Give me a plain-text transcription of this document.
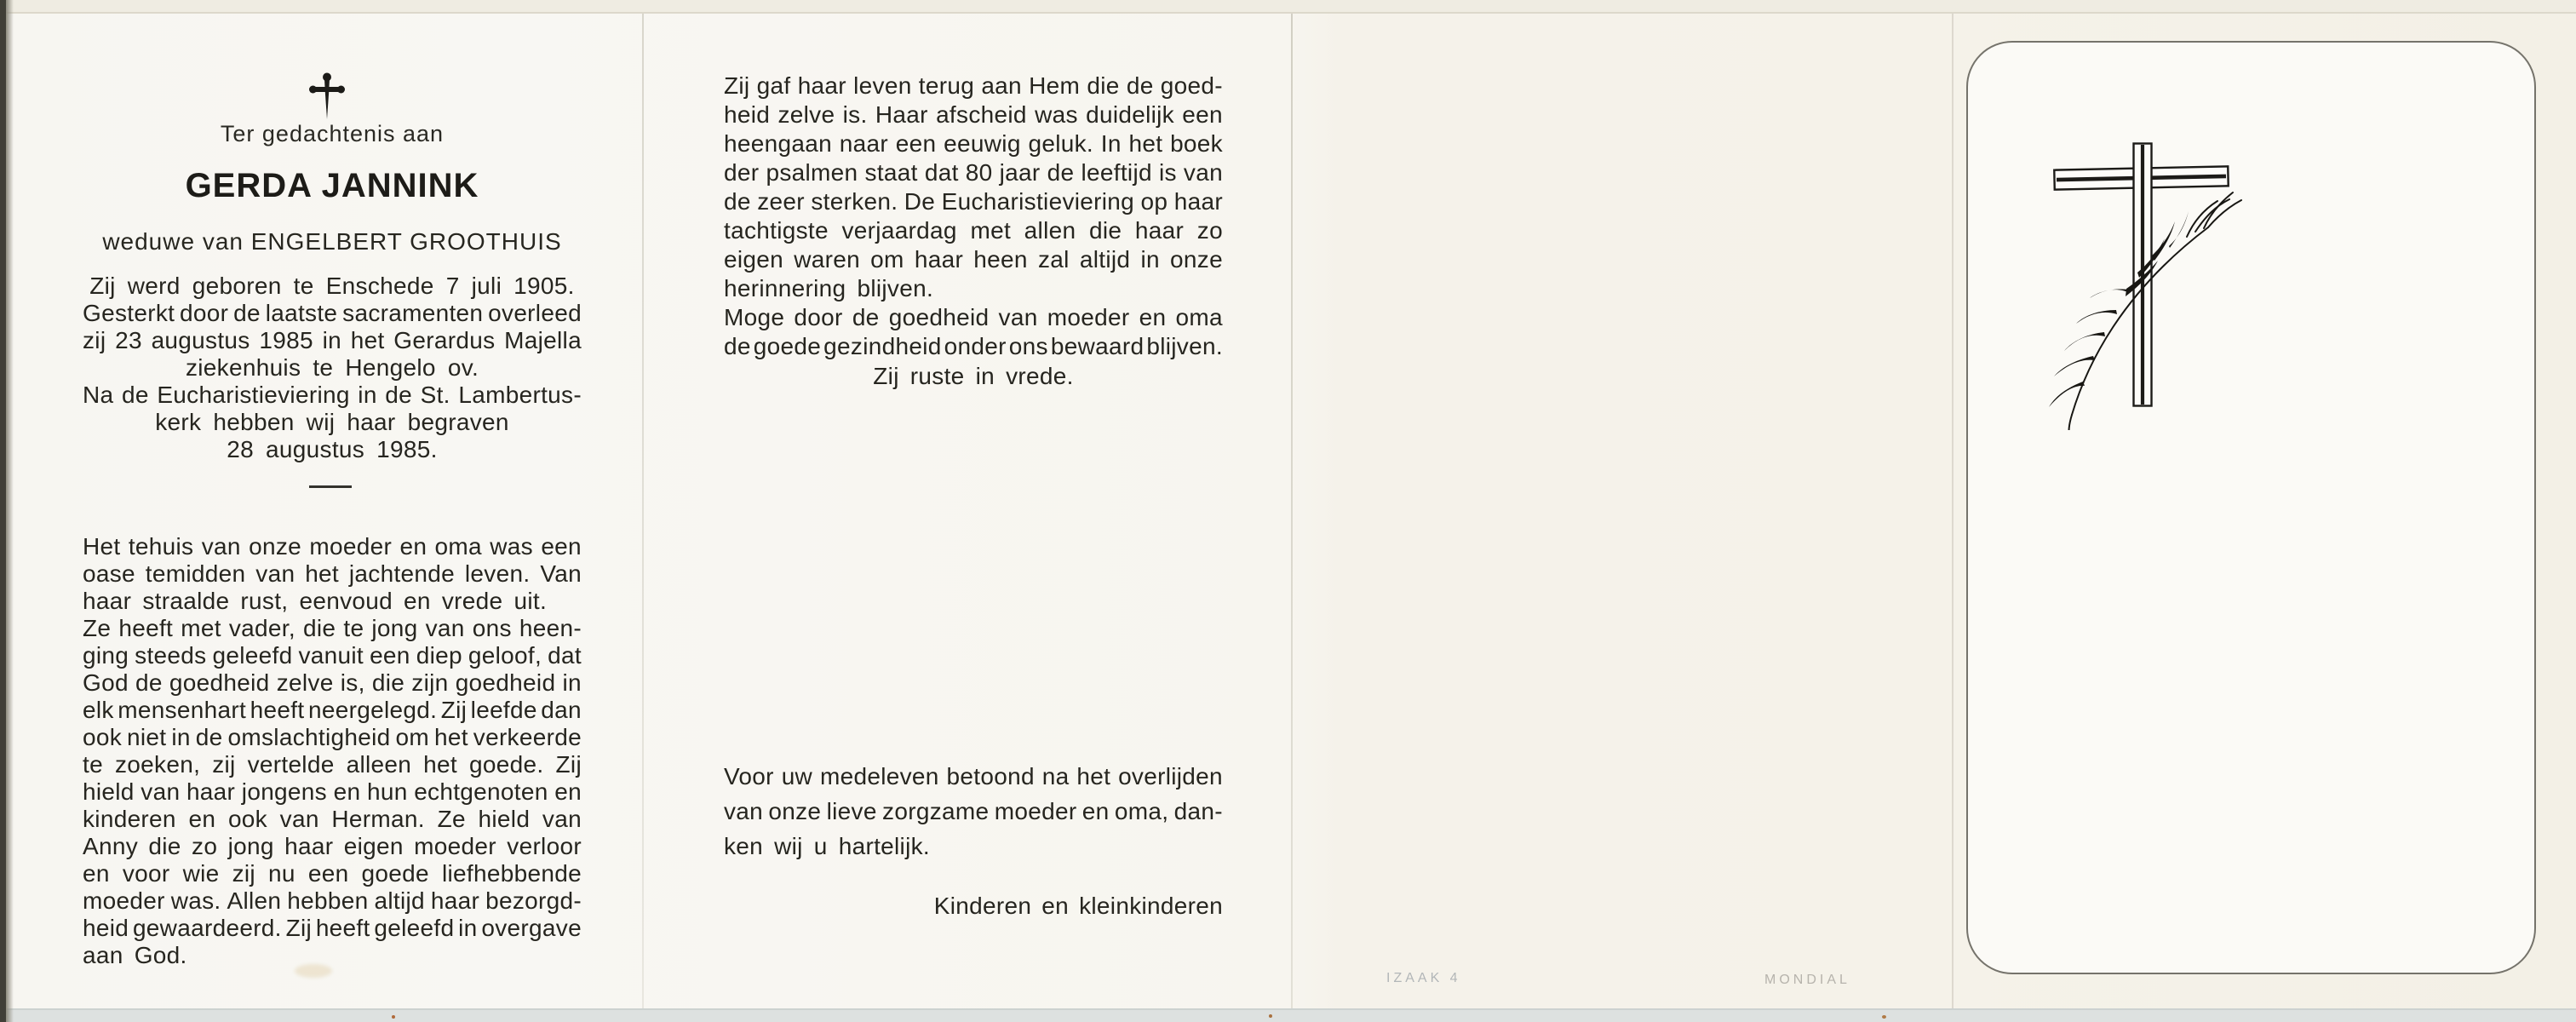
Ter gedachtenis aan
GERDA JANNINK
weduwe van ENGELBERT GROOTHUIS
Zij werd geboren te Enschede 7 juli 1905.
Gesterkt door de laatste sacramenten overleed
zij 23 augustus 1985 in het Gerardus Majella
ziekenhuis te Hengelo ov.
Na de Eucharistieviering in de St. Lambertus-
kerk hebben wij haar begraven
28 augustus 1985.
Het tehuis van onze moeder en oma was een
oase temidden van het jachtende leven. Van
haar straalde rust, eenvoud en vrede uit.
Ze heeft met vader, die te jong van ons heen-
ging steeds geleefd vanuit een diep geloof, dat
God de goedheid zelve is, die zijn goedheid in
elk mensenhart heeft neergelegd. Zij leefde dan
ook niet in de omslachtigheid om het verkeerde
te zoeken, zij vertelde alleen het goede. Zij
hield van haar jongens en hun echtgenoten en
kinderen en ook van Herman. Ze hield van
Anny die zo jong haar eigen moeder verloor
en voor wie zij nu een goede liefhebbende
moeder was. Allen hebben altijd haar bezorgd-
heid gewaardeerd. Zij heeft geleefd in overgave
aan God.
Zij gaf haar leven terug aan Hem die de goed-
heid zelve is. Haar afscheid was duidelijk een
heengaan naar een eeuwig geluk. In het boek
der psalmen staat dat 80 jaar de leeftijd is van
de zeer sterken. De Eucharistieviering op haar
tachtigste verjaardag met allen die haar zo
eigen waren om haar heen zal altijd in onze
herinnering blijven.
Moge door de goedheid van moeder en oma
de goede gezindheid onder ons bewaard blijven.
Zij ruste in vrede.
Voor uw medeleven betoond na het overlijden
van onze lieve zorgzame moeder en oma, dan-
ken wij u hartelijk.
Kinderen en kleinkinderen
IZAAK 4	MONDIAL
